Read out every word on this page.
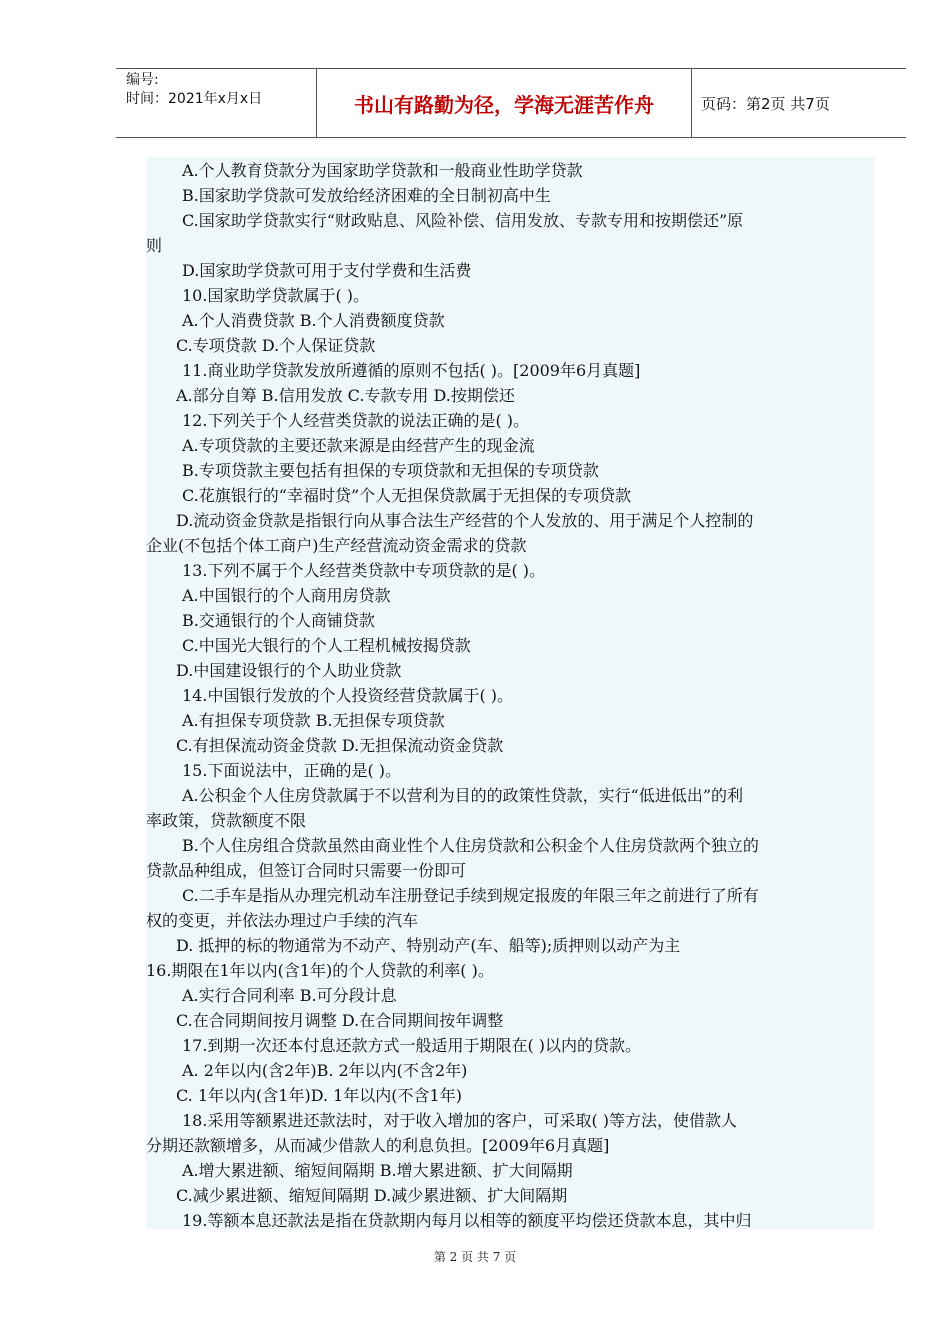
编号:
时间：2021年x月x日	书山有路勤为径，学海无涯苦作舟	页码：第2页 共7页
A.个人教育贷款分为国家助学贷款和一般商业性助学贷款
B.国家助学贷款可发放给经济困难的全日制初高中生
C.国家助学贷款实行“财政贴息、风险补偿、信用发放、专款专用和按期偿还”原
则
D.国家助学贷款可用于支付学费和生活费
10.国家助学贷款属于( )。
A.个人消费贷款 B.个人消费额度贷款
C.专项贷款 D.个人保证贷款
11.商业助学贷款发放所遵循的原则不包括( )。[2009年6月真题]
A.部分自筹 B.信用发放 C.专款专用 D.按期偿还
12.下列关于个人经营类贷款的说法正确的是( )。
A.专项贷款的主要还款来源是由经营产生的现金流
B.专项贷款主要包括有担保的专项贷款和无担保的专项贷款
C.花旗银行的“幸福时贷”个人无担保贷款属于无担保的专项贷款
D.流动资金贷款是指银行向从事合法生产经营的个人发放的、用于满足个人控制的
企业(不包括个体工商户)生产经营流动资金需求的贷款
13.下列不属于个人经营类贷款中专项贷款的是( )。
A.中国银行的个人商用房贷款
B.交通银行的个人商铺贷款
C.中国光大银行的个人工程机械按揭贷款
D.中国建设银行的个人助业贷款
14.中国银行发放的个人投资经营贷款属于( )。
A.有担保专项贷款 B.无担保专项贷款
C.有担保流动资金贷款 D.无担保流动资金贷款
15.下面说法中，正确的是( )。
A.公积金个人住房贷款属于不以营利为目的的政策性贷款，实行“低进低出”的利
率政策，贷款额度不限
B.个人住房组合贷款虽然由商业性个人住房贷款和公积金个人住房贷款两个独立的
贷款品种组成，但签订合同时只需要一份即可
C.二手车是指从办理完机动车注册登记手续到规定报废的年限三年之前进行了所有
权的变更，并依法办理过户手续的汽车
D. 抵押的标的物通常为不动产、特别动产(车、船等);质押则以动产为主
16.期限在1年以内(含1年)的个人贷款的利率( )。
A.实行合同利率 B.可分段计息
C.在合同期间按月调整 D.在合同期间按年调整
17.到期一次还本付息还款方式一般适用于期限在( )以内的贷款。
A. 2年以内(含2年)B. 2年以内(不含2年)
C. 1年以内(含1年)D. 1年以内(不含1年)
18.采用等额累进还款法时，对于收入增加的客户，可采取( )等方法，使借款人
分期还款额增多，从而减少借款人的利息负担。[2009年6月真题]
A.增大累进额、缩短间隔期 B.增大累进额、扩大间隔期
C.减少累进额、缩短间隔期 D.减少累进额、扩大间隔期
19.等额本息还款法是指在贷款期内每月以相等的额度平均偿还贷款本息，其中归
第 2 页 共 7 页
